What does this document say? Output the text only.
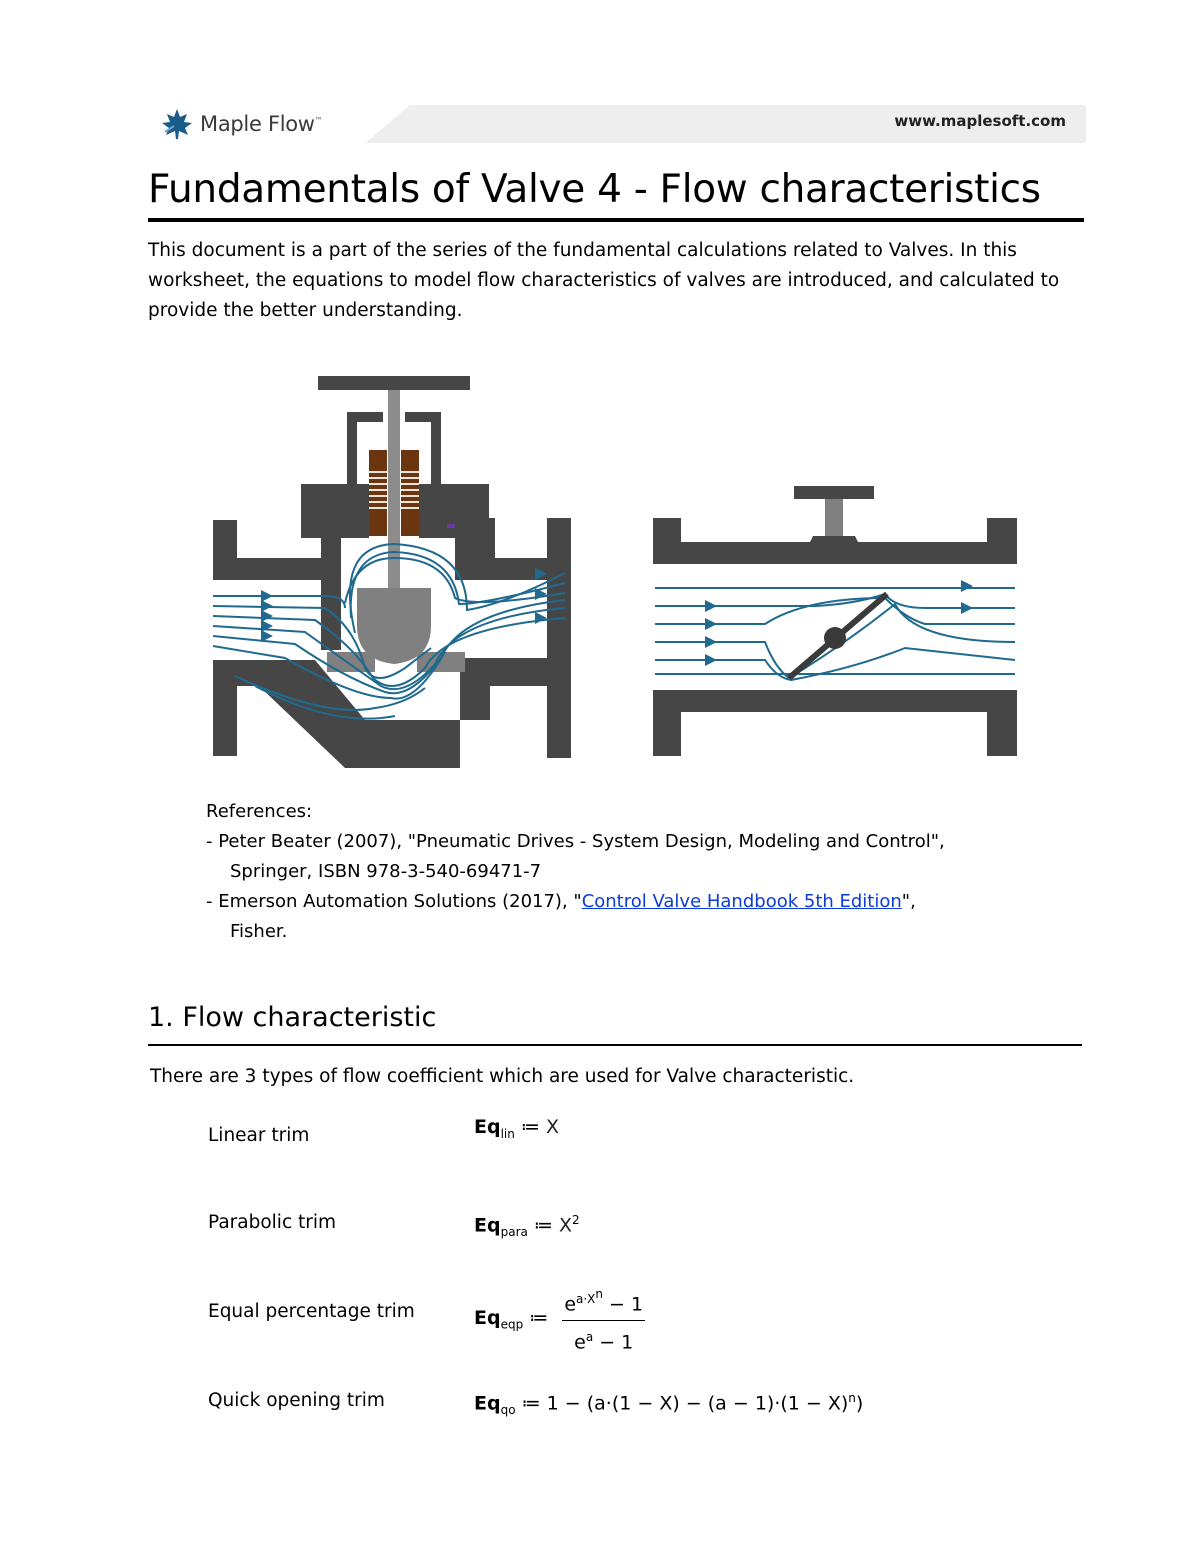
Maple Flow™	www.maplesoft.com
Fundamentals of Valve 4 - Flow characteristics
This document is a part of the series of the fundamental calculations related to Valves. In this worksheet, the equations to model flow characteristics of valves are introduced, and calculated to provide the better understanding.
References:
- Peter Beater (2007), "Pneumatic Drives - System Design, Modeling and Control",
Springer, ISBN 978-3-540-69471-7
- Emerson Automation Solutions (2017), "Control Valve Handbook 5th Edition",
Fisher.
1. Flow characteristic
There are 3 types of flow coefficient which are used for Valve characteristic.
Linear trim
Parabolic trim
Equal percentage trim
Quick opening trim
$Eq_{lin}$ ≔ X
$Eq_{para}$ ≔ $X^2$
$Eq_{eqp}$ ≔ $\frac{e^{a\cdot X^n} - 1}{e^a - 1}$
$Eq_{qo}$ ≔ $1 - (a\cdot(1 - X) - (a - 1)\cdot(1 - X)^n)$
